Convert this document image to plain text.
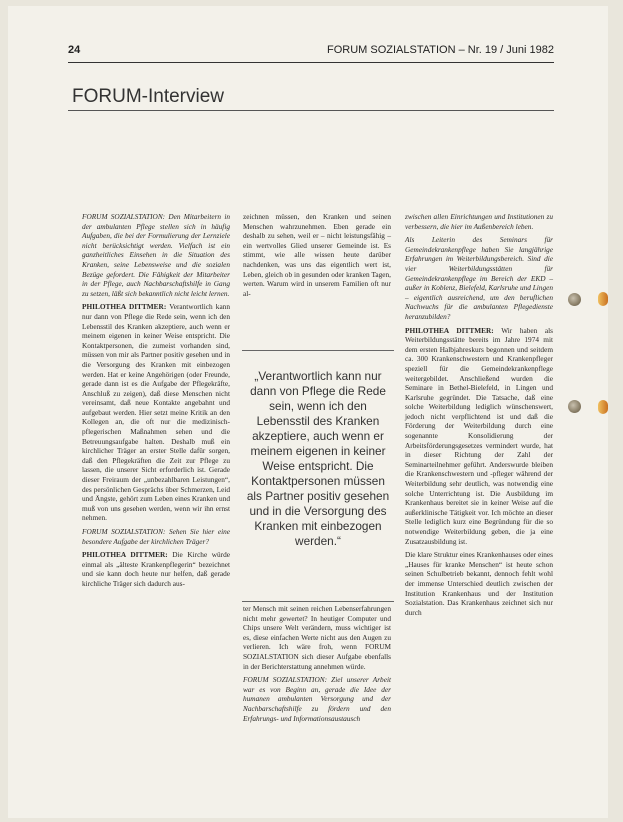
24	FORUM SOZIALSTATION – Nr. 19 / Juni 1982
FORUM-Interview

FORUM SOZIALSTATION: Den Mitarbeitern in der ambulanten Pflege stellen sich in häufig Aufgaben, die bei der Formulierung der Lernziele nicht berücksichtigt werden. Vielfach ist ein ganzheitliches Einsehen in die Situation des Kranken, seine Lebensweise und die sozialen Bezüge gefordert. Die Fähigkeit der Mitarbeiter in der Pflege, auch Nachbarschaftshilfe in Gang zu setzen, läßt sich bekanntlich nicht leicht lernen.

PHILOTHEA DITTMER: Verantwortlich kann nur dann von Pflege die Rede sein, wenn ich den Lebensstil des Kranken akzeptiere, auch wenn er meinem eigenen in keiner Weise entspricht. Die Kontaktpersonen, die zumeist vorhanden sind, müssen von mir als Partner positiv gesehen und in die Versorgung des Kranken mit einbezogen werden. Hat er keine Angehörigen (oder Freunde, gerade dann ist es die Aufgabe der Pflegekräfte, Anschluß zu zeigen), daß diese Menschen nicht vereinsamt, daß neue Kontakte angebahnt und aufgebaut werden. Hier setzt meine Kritik an den Kollegen an, die oft nur die medizinisch-pflegerischen Maßnahmen sehen und die Betreuungsaufgabe halten. Deshalb muß ein kirchlicher Träger an erster Stelle dafür sorgen, daß den Pflegekräften die Zeit zur Pflege zu lassen, die unserer Sicht erforderlich ist. Gerade dieser Freiraum der „unbezahlbaren Leistungen“, des persönlichen Gesprächs über Schmerzen, Leid und Ängste, gehört zum Leben eines Kranken und muß von uns gesehen werden, wenn wir ihn ernst nehmen.

FORUM SOZIALSTATION: Sehen Sie hier eine besondere Aufgabe der kirchlichen Träger?

PHILOTHEA DITTMER: Die Kirche würde einmal als „älteste Krankenpflegerin“ bezeichnet und sie kann doch heute nur helfen, daß gerade kirchliche Träger sich dadurch aus-

zeichnen müssen, den Kranken und seinen Menschen wahrzunehmen. Eben gerade ein deshalb zu sehen, weil er – nicht leistungsfähig – ein wertvolles Glied unserer Gemeinde ist. Es stimmt, wie alle wissen heute darüber nachdenken, was uns das eigentlich wert ist, Leben, gleich ob in gesunden oder kranken Tagen, werten. Warum wird in unserem Familien oft nur al-

„Verantwortlich kann nur dann von Pflege die Rede sein, wenn ich den Lebensstil des Kranken akzeptiere, auch wenn er meinem eigenen in keiner Weise entspricht. Die Kontaktpersonen müssen als Partner positiv gesehen und in die Versorgung des Kranken mit einbezogen werden.“

ter Mensch mit seinen reichen Lebenserfahrungen nicht mehr gewertet? In heutiger Computer und Chips unsere Welt verändern, muss wichtiger ist es, diese einfachen Werte nicht aus den Augen zu verlieren. Ich wäre froh, wenn FORUM SOZIALSTATION sich dieser Aufgabe ebenfalls in der Berichterstattung annehmen würde.

FORUM SOZIALSTATION: Ziel unserer Arbeit war es von Beginn an, gerade die Idee der humanen ambulanten Versorgung und der Nachbarschaftshilfe zu fördern und den Erfahrungs- und Informationsaustausch

zwischen allen Einrichtungen und Institutionen zu verbessern, die hier im Außenbereich leben.

Als Leiterin des Seminars für Gemeindekrankenpflege haben Sie langjährige Erfahrungen im Weiterbildungsbereich. Sind die vier Weiterbildungsstätten für Gemeindekrankenpflege im Bereich der EKD – außer in Koblenz, Bielefeld, Karlsruhe und Lingen – eigentlich ausreichend, um den beruflichen Nachwuchs für die ambulanten Pflegedienste heranzubilden?

PHILOTHEA DITTMER: Wir haben als Weiterbildungsstätte bereits im Jahre 1974 mit dem ersten Halbjahreskurs begonnen und seitdem ca. 300 Krankenschwestern und Krankenpfleger speziell für die Gemeindekrankenpflege weitergebildet. Anschließend wurden die Seminare in Bethel-Bielefeld, in Lingen und Karlsruhe gegründet. Die Tatsache, daß eine solche Weiterbildung lediglich wünschenswert, jedoch nicht verpflichtend ist und daß die Förderung der Weiterbildung durch eine sogenannte Konsolidierung der Arbeitsförderungsgesetzes vermindert wurde, hat in dieser Richtung der Zahl der Seminarteilnehmer geführt. Anderswurde bleiben die Krankenschwestern und -pfleger während der Weiterbildung sehr deutlich, was notwendig eine solche Unterrichtung ist. Die Ausbildung im Krankenhaus bereitet sie in keiner Weise auf die außerklinische Tätigkeit vor. Ich möchte an dieser Stelle lediglich kurz eine Begründung für die so notwendige Weiterbildung geben, die ja eine Zusatzausbildung ist.

Die klare Struktur eines Krankenhauses oder eines „Hauses für kranke Menschen“ ist heute schon seinen Schulbetrieb bekannt, dennoch fehlt wohl der immense Unterschied deutlich zwischen der Institution Krankenhaus und der Institution Sozialstation. Das Krankenhaus zeichnet sich nur durch
